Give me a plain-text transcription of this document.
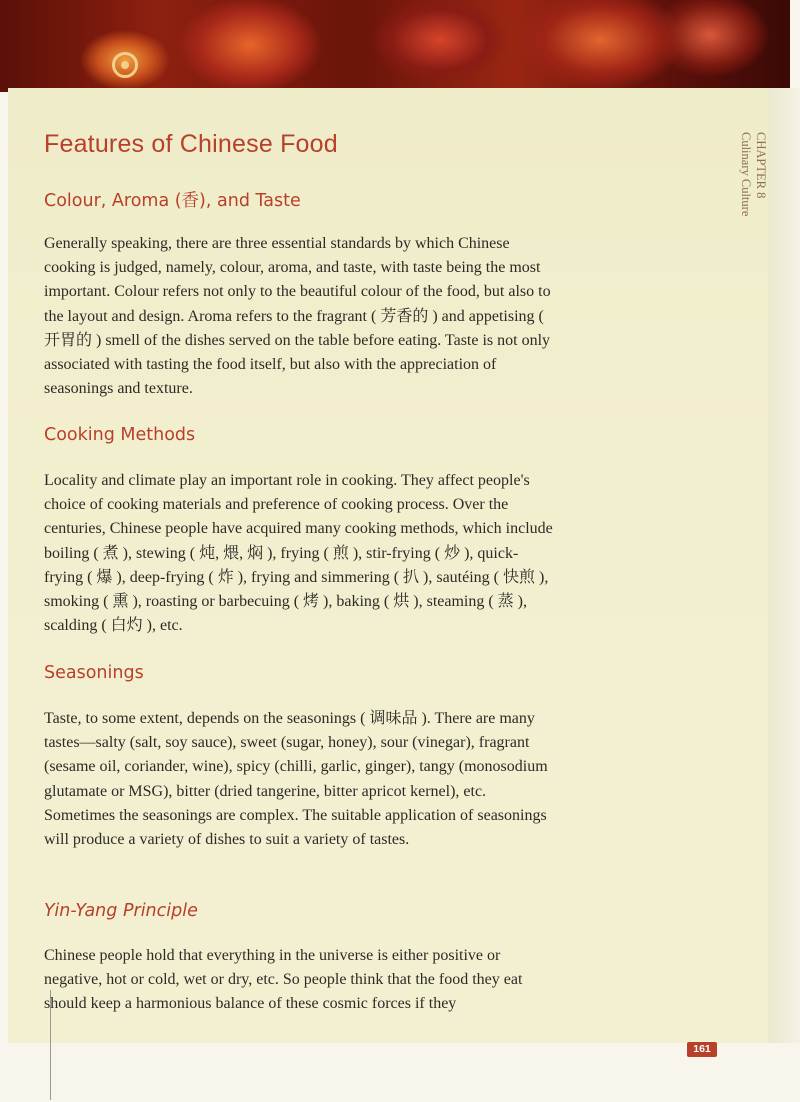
CHAPTER 8
Culinary Culture
Features of Chinese Food
Colour, Aroma (香), and Taste

Generally speaking, there are three essential standards by which Chinese cooking is judged, namely, colour, aroma, and taste, with taste being the most important. Colour refers not only to the beautiful colour of the food, but also to the layout and design. Aroma refers to the fragrant ( 芳香的 ) and appetising ( 开胃的 ) smell of the dishes served on the table before eating. Taste is not only associated with tasting the food itself, but also with the appreciation of seasonings and texture.

Cooking Methods

Locality and climate play an important role in cooking. They affect people's choice of cooking materials and preference of cooking process. Over the centuries, Chinese people have acquired many cooking methods, which include boiling ( 煮 ), stewing ( 炖, 煨, 焖 ), frying ( 煎 ), stir-frying ( 炒 ), quick-frying ( 爆 ), deep-frying ( 炸 ), frying and simmering ( 扒 ), sautéing ( 快煎 ), smoking ( 熏 ), roasting or barbecuing ( 烤 ), baking ( 烘 ), steaming ( 蒸 ), scalding ( 白灼 ), etc.

Seasonings

Taste, to some extent, depends on the seasonings ( 调味品 ). There are many tastes—salty (salt, soy sauce), sweet (sugar, honey), sour (vinegar), fragrant (sesame oil, coriander, wine), spicy (chilli, garlic, ginger), tangy (monosodium glutamate or MSG), bitter (dried tangerine, bitter apricot kernel), etc. Sometimes the seasonings are complex. The suitable application of seasonings will produce a variety of dishes to suit a variety of tastes.

Yin-Yang Principle

Chinese people hold that everything in the universe is either positive or negative, hot or cold, wet or dry, etc. So people think that the food they eat should keep a harmonious balance of these cosmic forces if they

161
